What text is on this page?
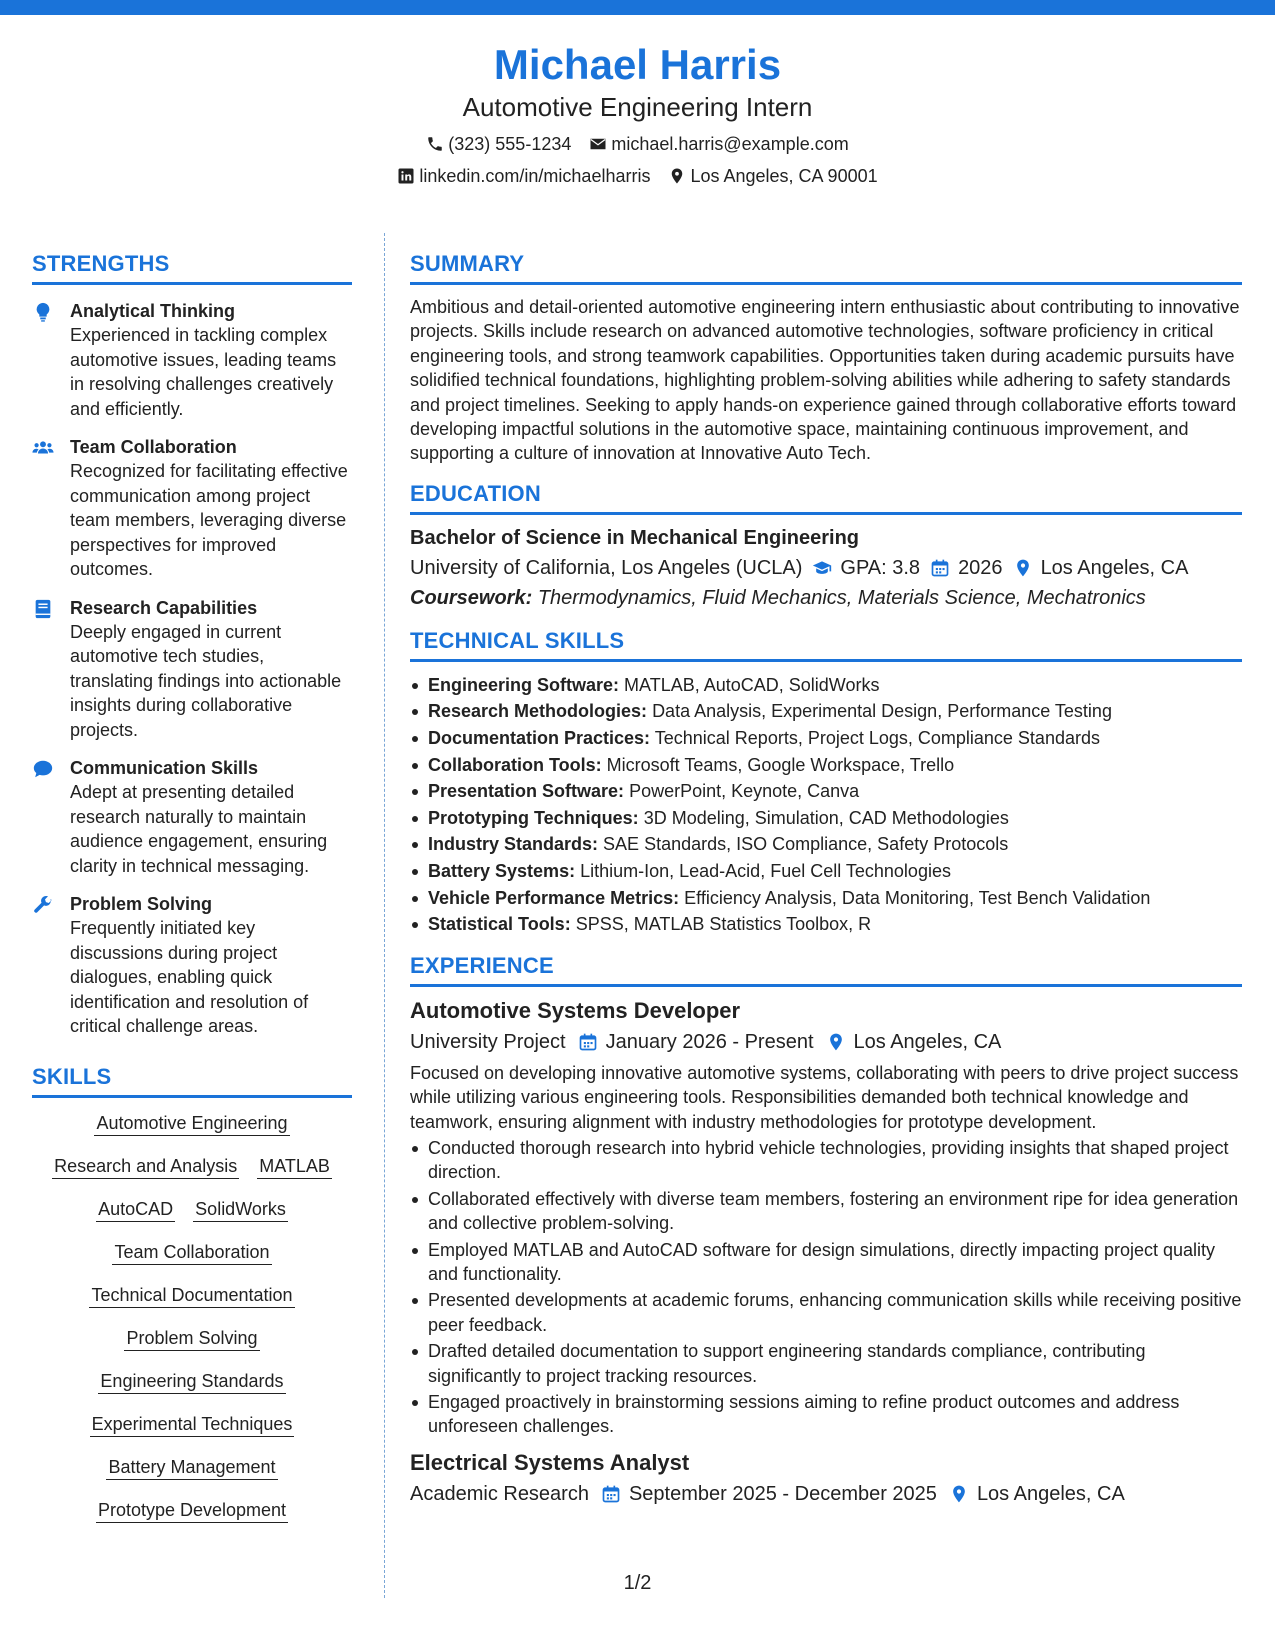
Michael Harris
Automotive Engineering Intern
(323) 555-1234 michael.harris@example.com
linkedin.com/in/michaelharris Los Angeles, CA 90001
STRENGTHS
Analytical Thinking
Experienced in tackling complex automotive issues, leading teams in resolving challenges creatively and efficiently.
Team Collaboration
Recognized for facilitating effective communication among project team members, leveraging diverse perspectives for improved outcomes.
Research Capabilities
Deeply engaged in current automotive tech studies, translating findings into actionable insights during collaborative projects.
Communication Skills
Adept at presenting detailed research naturally to maintain audience engagement, ensuring clarity in technical messaging.
Problem Solving
Frequently initiated key discussions during project dialogues, enabling quick identification and resolution of critical challenge areas.
SKILLS
Automotive Engineering
Research and Analysis MATLAB
AutoCAD SolidWorks
Team Collaboration
Technical Documentation
Problem Solving
Engineering Standards
Experimental Techniques
Battery Management
Prototype Development
SUMMARY
Ambitious and detail-oriented automotive engineering intern enthusiastic about contributing to innovative projects. Skills include research on advanced automotive technologies, software proficiency in critical engineering tools, and strong teamwork capabilities. Opportunities taken during academic pursuits have solidified technical foundations, highlighting problem-solving abilities while adhering to safety standards and project timelines. Seeking to apply hands-on experience gained through collaborative efforts toward developing impactful solutions in the automotive space, maintaining continuous improvement, and supporting a culture of innovation at Innovative Auto Tech.
EDUCATION
Bachelor of Science in Mechanical Engineering
University of California, Los Angeles (UCLA) GPA: 3.8 2026 Los Angeles, CA
Coursework: Thermodynamics, Fluid Mechanics, Materials Science, Mechatronics
TECHNICAL SKILLS
Engineering Software: MATLAB, AutoCAD, SolidWorks
Research Methodologies: Data Analysis, Experimental Design, Performance Testing
Documentation Practices: Technical Reports, Project Logs, Compliance Standards
Collaboration Tools: Microsoft Teams, Google Workspace, Trello
Presentation Software: PowerPoint, Keynote, Canva
Prototyping Techniques: 3D Modeling, Simulation, CAD Methodologies
Industry Standards: SAE Standards, ISO Compliance, Safety Protocols
Battery Systems: Lithium-Ion, Lead-Acid, Fuel Cell Technologies
Vehicle Performance Metrics: Efficiency Analysis, Data Monitoring, Test Bench Validation
Statistical Tools: SPSS, MATLAB Statistics Toolbox, R
EXPERIENCE
Automotive Systems Developer
University Project January 2026 - Present Los Angeles, CA
Focused on developing innovative automotive systems, collaborating with peers to drive project success while utilizing various engineering tools. Responsibilities demanded both technical knowledge and teamwork, ensuring alignment with industry methodologies for prototype development.
Conducted thorough research into hybrid vehicle technologies, providing insights that shaped project direction.
Collaborated effectively with diverse team members, fostering an environment ripe for idea generation and collective problem-solving.
Employed MATLAB and AutoCAD software for design simulations, directly impacting project quality and functionality.
Presented developments at academic forums, enhancing communication skills while receiving positive peer feedback.
Drafted detailed documentation to support engineering standards compliance, contributing significantly to project tracking resources.
Engaged proactively in brainstorming sessions aiming to refine product outcomes and address unforeseen challenges.
Electrical Systems Analyst
Academic Research September 2025 - December 2025 Los Angeles, CA
1/2
